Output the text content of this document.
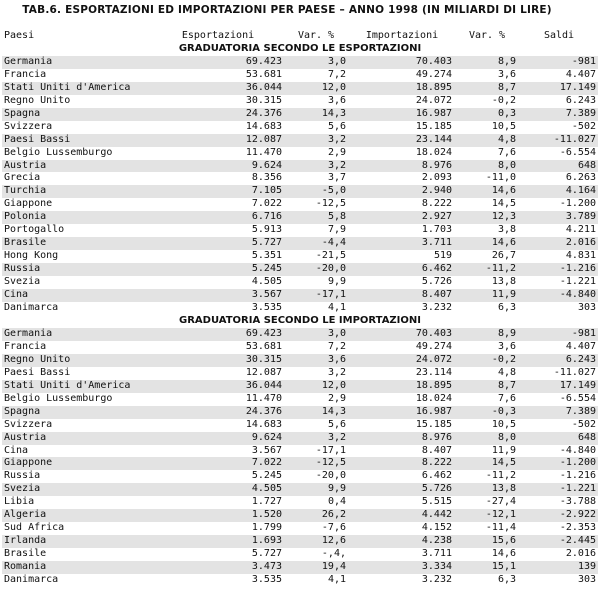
TAB.6. ESPORTAZIONI ED IMPORTAZIONI PER PAESE – ANNO 1998 (IN MILIARDI DI LIRE)
Paesi	Esportazioni	Var. %	Importazioni	Var. %	Saldi
GRADUATORIA SECONDO LE ESPORTAZIONI					
Germania	69.423	3,0	70.403	8,9	-981
Francia	53.681	7,2	49.274	3,6	4.407
Stati Uniti d'America	36.044	12,0	18.895	8,7	17.149
Regno Unito	30.315	3,6	24.072	-0,2	6.243
Spagna	24.376	14,3	16.987	0,3	7.389
Svizzera	14.683	5,6	15.185	10,5	-502
Paesi Bassi	12.087	3,2	23.144	4,8	-11.027
Belgio Lussemburgo	11.470	2,9	18.024	7,6	-6.554
Austria	9.624	3,2	8.976	8,0	648
Grecia	8.356	3,7	2.093	-11,0	6.263
Turchia	7.105	-5,0	2.940	14,6	4.164
Giappone	7.022	-12,5	8.222	14,5	-1.200
Polonia	6.716	5,8	2.927	12,3	3.789
Portogallo	5.913	7,9	1.703	3,8	4.211
Brasile	5.727	-4,4	3.711	14,6	2.016
Hong Kong	5.351	-21,5	519	26,7	4.831
Russia	5.245	-20,0	6.462	-11,2	-1.216
Svezia	4.505	9,9	5.726	13,8	-1.221
Cina	3.567	-17,1	8.407	11,9	-4.840
Danimarca	3.535	4,1	3.232	6,3	303
GRADUATORIA SECONDO LE IMPORTAZIONI					
Germania	69.423	3,0	70.403	8,9	-981
Francia	53.681	7,2	49.274	3,6	4.407
Regno Unito	30.315	3,6	24.072	-0,2	6.243
Paesi Bassi	12.087	3,2	23.114	4,8	-11.027
Stati Uniti d'America	36.044	12,0	18.895	8,7	17.149
Belgio Lussemburgo	11.470	2,9	18.024	7,6	-6.554
Spagna	24.376	14,3	16.987	-0,3	7.389
Svizzera	14.683	5,6	15.185	10,5	-502
Austria	9.624	3,2	8.976	8,0	648
Cina	3.567	-17,1	8.407	11,9	-4.840
Giappone	7.022	-12,5	8.222	14,5	-1.200
Russia	5.245	-20,0	6.462	-11,2	-1.216
Svezia	4.505	9,9	5.726	13,8	-1.221
Libia	1.727	0,4	5.515	-27,4	-3.788
Algeria	1.520	26,2	4.442	-12,1	-2.922
Sud Africa	1.799	-7,6	4.152	-11,4	-2.353
Irlanda	1.693	12,6	4.238	15,6	-2.445
Brasile	5.727	-,4,	3.711	14,6	2.016
Romania	3.473	19,4	3.334	15,1	139
Danimarca	3.535	4,1	3.232	6,3	303
